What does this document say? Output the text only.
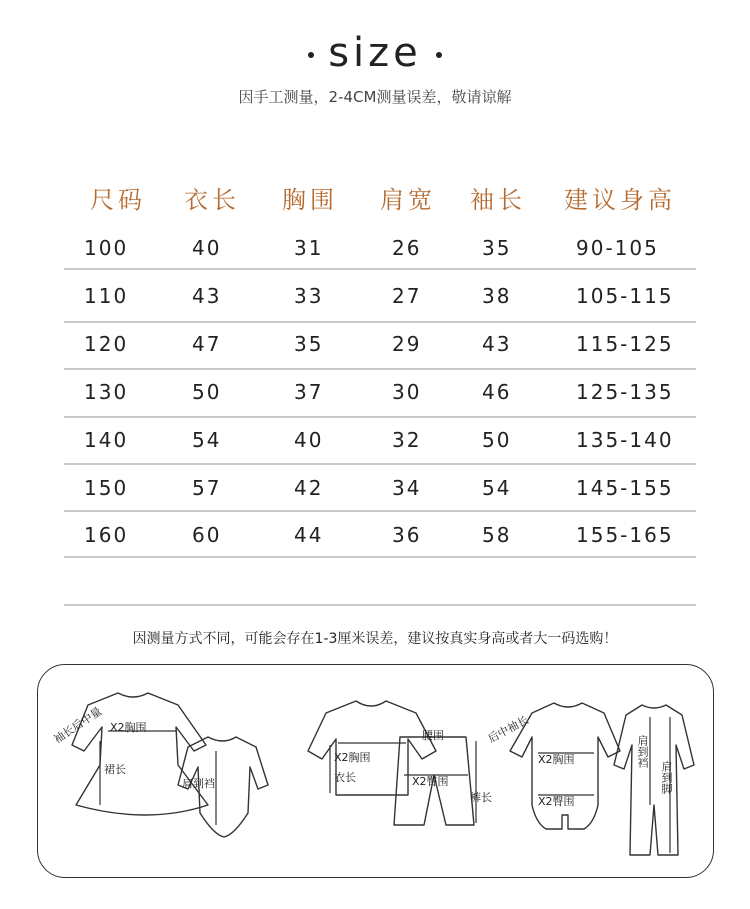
size
因手工测量，2-4CM测量误差，敬请谅解
尺码 衣长 胸围 肩宽 袖长 建议身高
100	40	31	26	35	90-105
110	43	33	27	38	105-115
120	47	35	29	43	115-125
130	50	37	30	46	125-135
140	54	40	32	50	135-140
150	57	42	34	54	145-155
160	60	44	36	58	155-165
因测量方式不同，可能会存在1-3厘米误差，建议按真实身高或者大一码选购！
袖长后中量 X2胸围
裙长
肩到裆
X2胸围
衣长
腰围
X2臀围
裤长
后中袖长
X2胸围
X2臀围
肩到裆
肩到脚
